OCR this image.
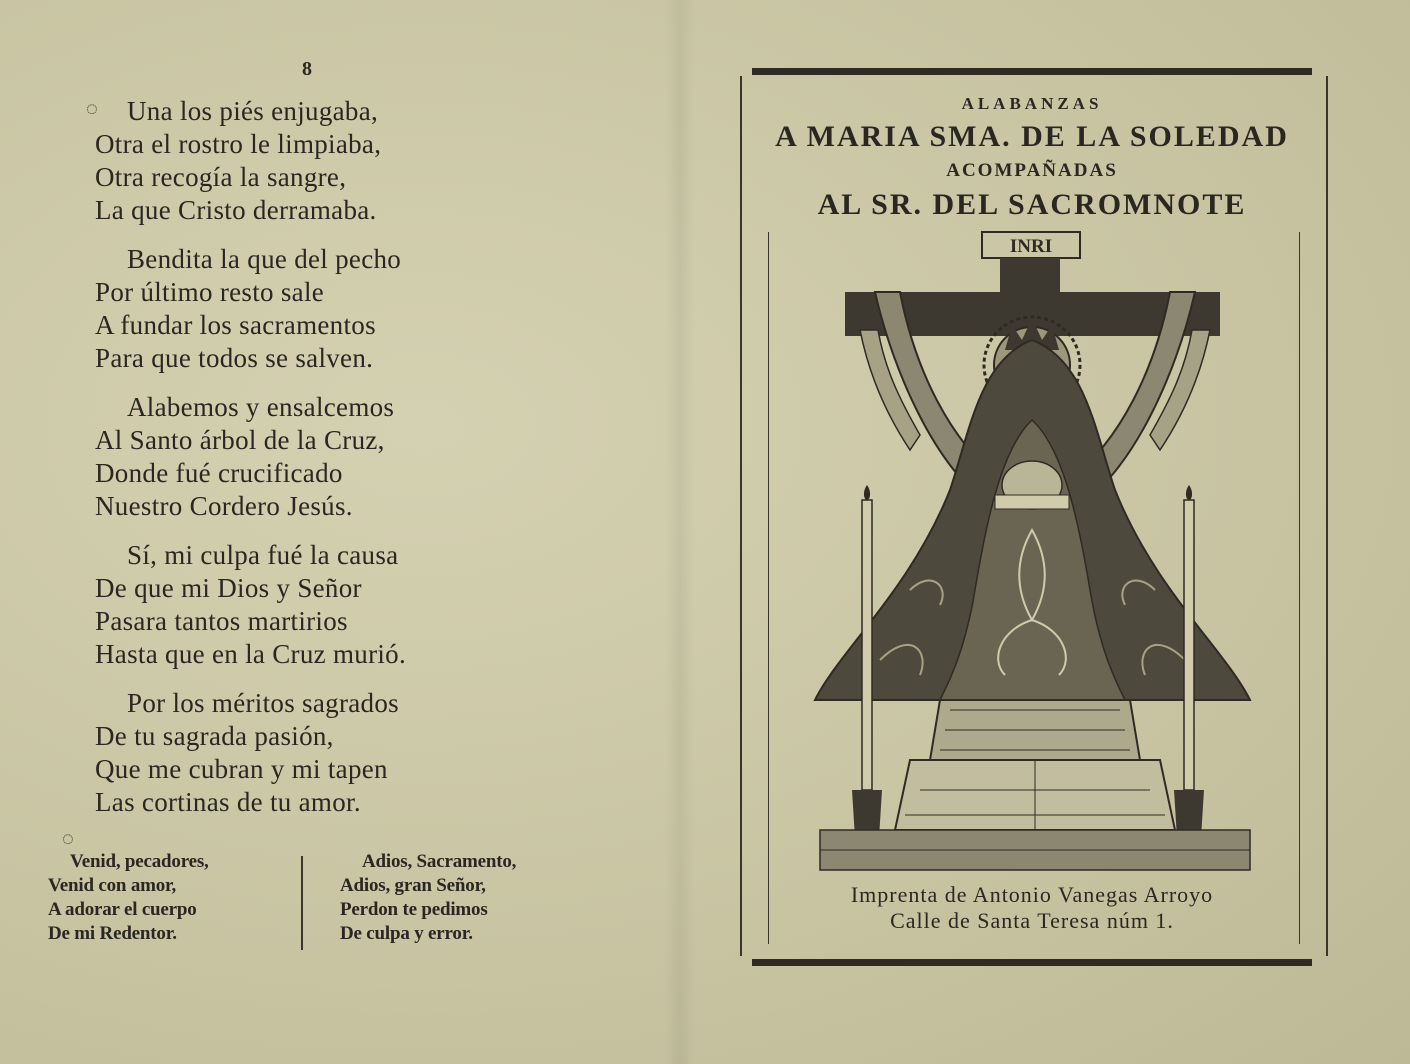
8
◌	Una los piés enjugaba,
Otra el rostro le limpiaba,
Otra recogía la sangre,
La que Cristo derramaba.
Bendita la que del pecho
Por último resto sale
A fundar los sacramentos
Para que todos se salven.
Alabemos y ensalcemos
Al Santo árbol de la Cruz,
Donde fué crucificado
Nuestro Cordero Jesús.
Sí, mi culpa fué la causa
De que mi Dios y Señor
Pasara tantos martirios
Hasta que en la Cruz murió.
Por los méritos sagrados
De tu sagrada pasión,
Que me cubran y mi tapen
Las cortinas de tu amor.
◌
Venid, pecadores,
Venid con amor,
A adorar el cuerpo
De mi Redentor.
Adios, Sacramento,
Adios, gran Señor,
Perdon te pedimos
De culpa y error.
ALABANZAS
A MARIA SMA. DE LA SOLEDAD
ACOMPAÑADAS
AL SR. DEL SACROMNOTE
INRI
Imprenta de Antonio Vanegas Arroyo
Calle de Santa Teresa núm 1.
